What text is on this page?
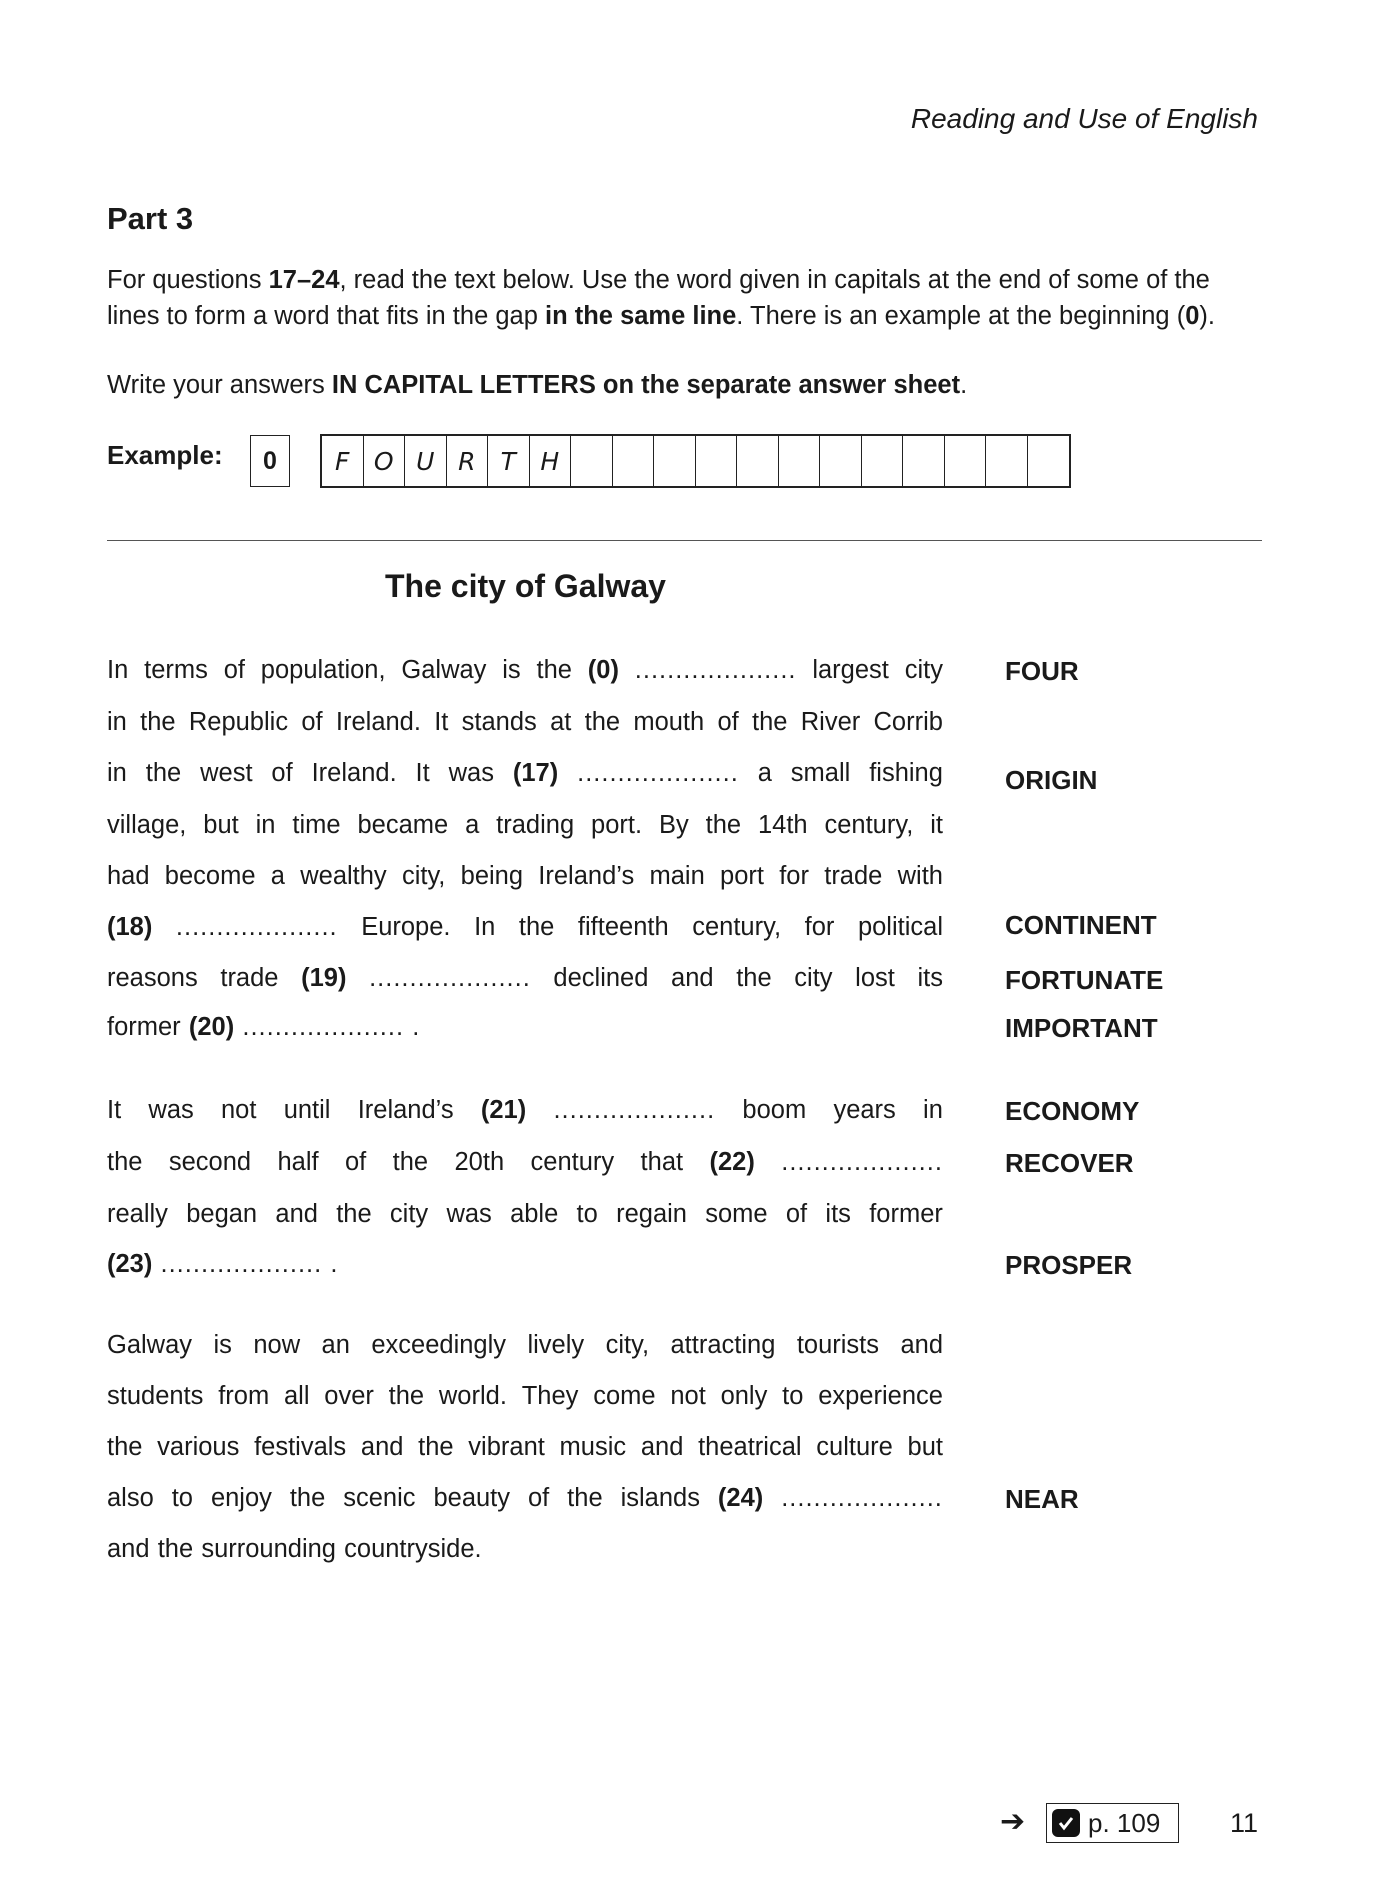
Reading and Use of English
Part 3
For questions 17–24, read the text below. Use the word given in capitals at the end of some of the lines to form a word that fits in the gap in the same line. There is an example at the beginning (0).
Write your answers IN CAPITAL LETTERS on the separate answer sheet.
Example:	0	F O U R	T H
The city of Galway
In terms of population, Galway is the (0) .................... largest city
in the Republic of Ireland. It stands at the mouth of the River Corrib
in the west of Ireland. It was (17) .................... a small fishing
village, but in time became a trading port. By the 14th century, it
had become a wealthy city, being Ireland’s main port for trade with
(18) .................... Europe. In the fifteenth century, for political
reasons trade (19) .................... declined and the city lost its
former (20) .................... .
It was not until Ireland’s (21) .................... boom years in
the second half of the 20th century that (22) ....................
really began and the city was able to regain some of its former
(23) .................... .
Galway is now an exceedingly lively city, attracting tourists and
students from all over the world. They come not only to experience
the various festivals and the vibrant music and theatrical culture but
also to enjoy the scenic beauty of the islands (24) ....................
and the surrounding countryside.
FOUR
ORIGIN
CONTINENT
FORTUNATE
IMPORTANT
ECONOMY
RECOVER
PROSPER
NEAR
➔ p. 109	11
